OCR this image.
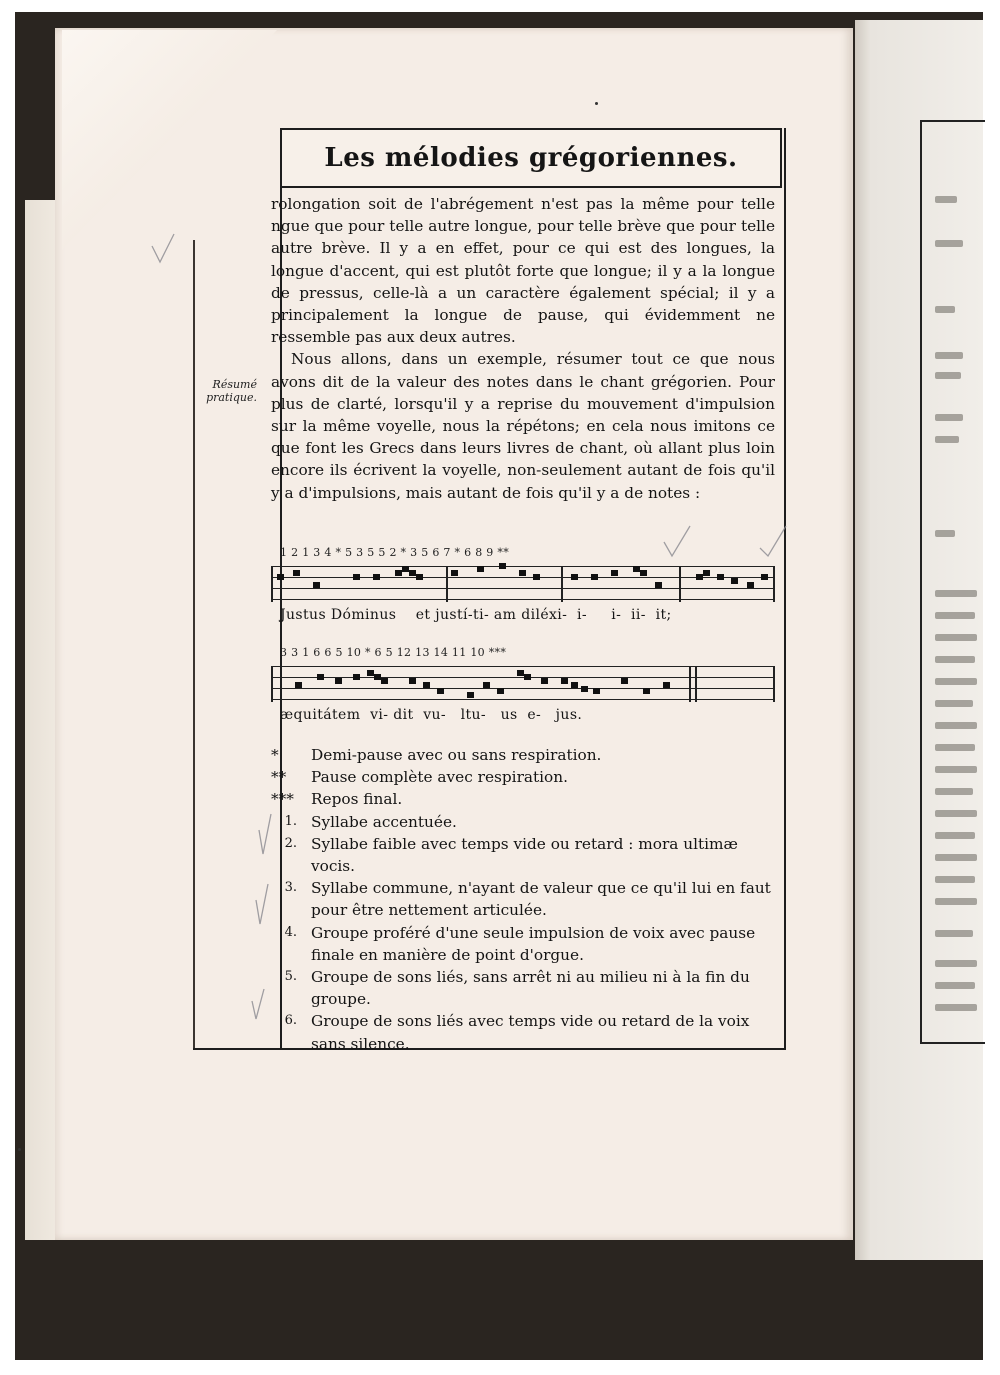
Les mélodies grégoriennes.
Résumé pratique.

rolongation soit de l'abrégement n'est pas la même pour telle ngue que pour telle autre longue, pour telle brève que pour telle autre brève. Il y a en effet, pour ce qui est des longues, la longue d'accent, qui est plutôt forte que longue; il y a la longue de pressus, celle-là a un caractère également spécial; il y a principalement la longue de pause, qui évidemment ne ressemble pas aux deux autres.

Nous allons, dans un exemple, résumer tout ce que nous avons dit de la valeur des notes dans le chant grégorien. Pour plus de clarté, lorsqu'il y a reprise du mouvement d'impulsion sur la même voyelle, nous la répétons; en cela nous imitons ce que font les Grecs dans leurs livres de chant, où allant plus loin encore ils écrivent la voyelle, non-seulement autant de fois qu'il y a d'impulsions, mais autant de fois qu'il y a de notes :

1 2 1 3 4 * 5 3 5 5 2 * 3 5 6 7 * 6 8 9 **
Justus Dóminus    et justí-ti- am diléxi-  i-     i-  ii-  it;
3 3 1 6 6 5 10 * 6 5 12 13 14 11 10 ***
æquitátem  vi- dit  vu-   ltu-   us  e-   jus.
*	Demi-pause avec ou sans respiration.
**	Pause complète avec respiration.
***	Repos final.
1. Syllabe accentuée.
2. Syllabe faible avec temps vide ou retard : mora ultimæ vocis.
3. Syllabe commune, n'ayant de valeur que ce qu'il lui en faut pour être nettement articulée.
4. Groupe proféré d'une seule impulsion de voix avec pause finale en manière de point d'orgue.
5. Groupe de sons liés, sans arrêt ni au milieu ni à la fin du groupe.
6. Groupe de sons liés avec temps vide ou retard de la voix sans silence.
